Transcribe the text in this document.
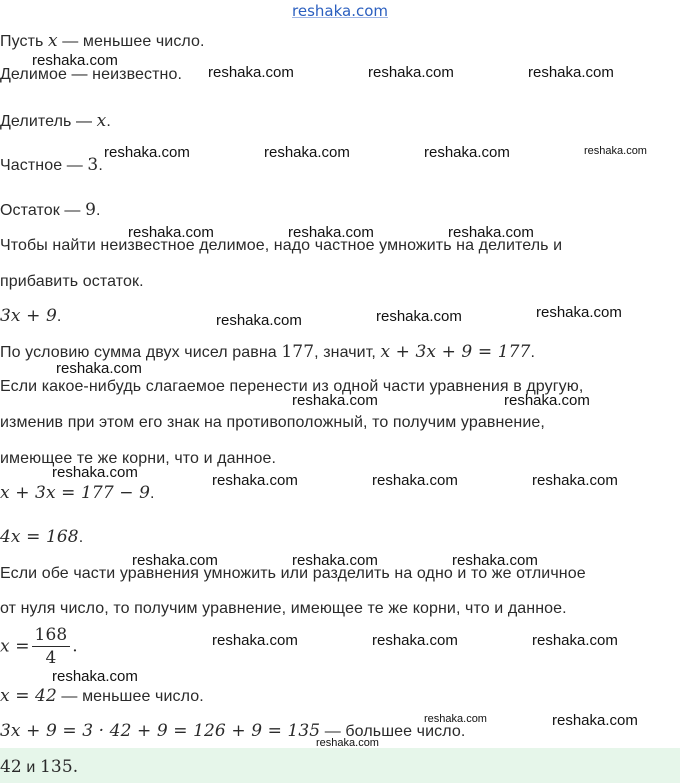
reshaka.com
Пусть x — меньшее число.
Делимое — неизвестно.
Делитель — x.
Частное — 3.
Остаток — 9.
Чтобы найти неизвестное делимое, надо частное умножить на делитель и
прибавить остаток.
3x + 9.
По условию сумма двух чисел равна 177, значит, x + 3x + 9 = 177.
Если какое-нибудь слагаемое перенести из одной части уравнения в другую,
изменив при этом его знак на противоположный, то получим уравнение,
имеющее те же корни, что и данное.
x + 3x = 177 − 9.
4x = 168.
Если обе части уравнения умножить или разделить на одно и то же отличное
от нуля число, то получим уравнение, имеющее те же корни, что и данное.
$x = \frac{168}{4}$ .
x = 42 — меньшее число.
3x + 9 = 3 · 42 + 9 = 126 + 9 = 135 — большее число.
42 и 135.
reshaka.com
reshaka.com	reshaka.com	reshaka.com
reshaka.com	reshaka.com	reshaka.com	reshaka.com
reshaka.com	reshaka.com	reshaka.com
reshaka.com	reshaka.com	reshaka.com
reshaka.com
reshaka.com	reshaka.com
reshaka.com	reshaka.com	reshaka.com	reshaka.com
reshaka.com	reshaka.com	reshaka.com
reshaka.com	reshaka.com	reshaka.com
reshaka.com
reshaka.com	reshaka.com
reshaka.com
